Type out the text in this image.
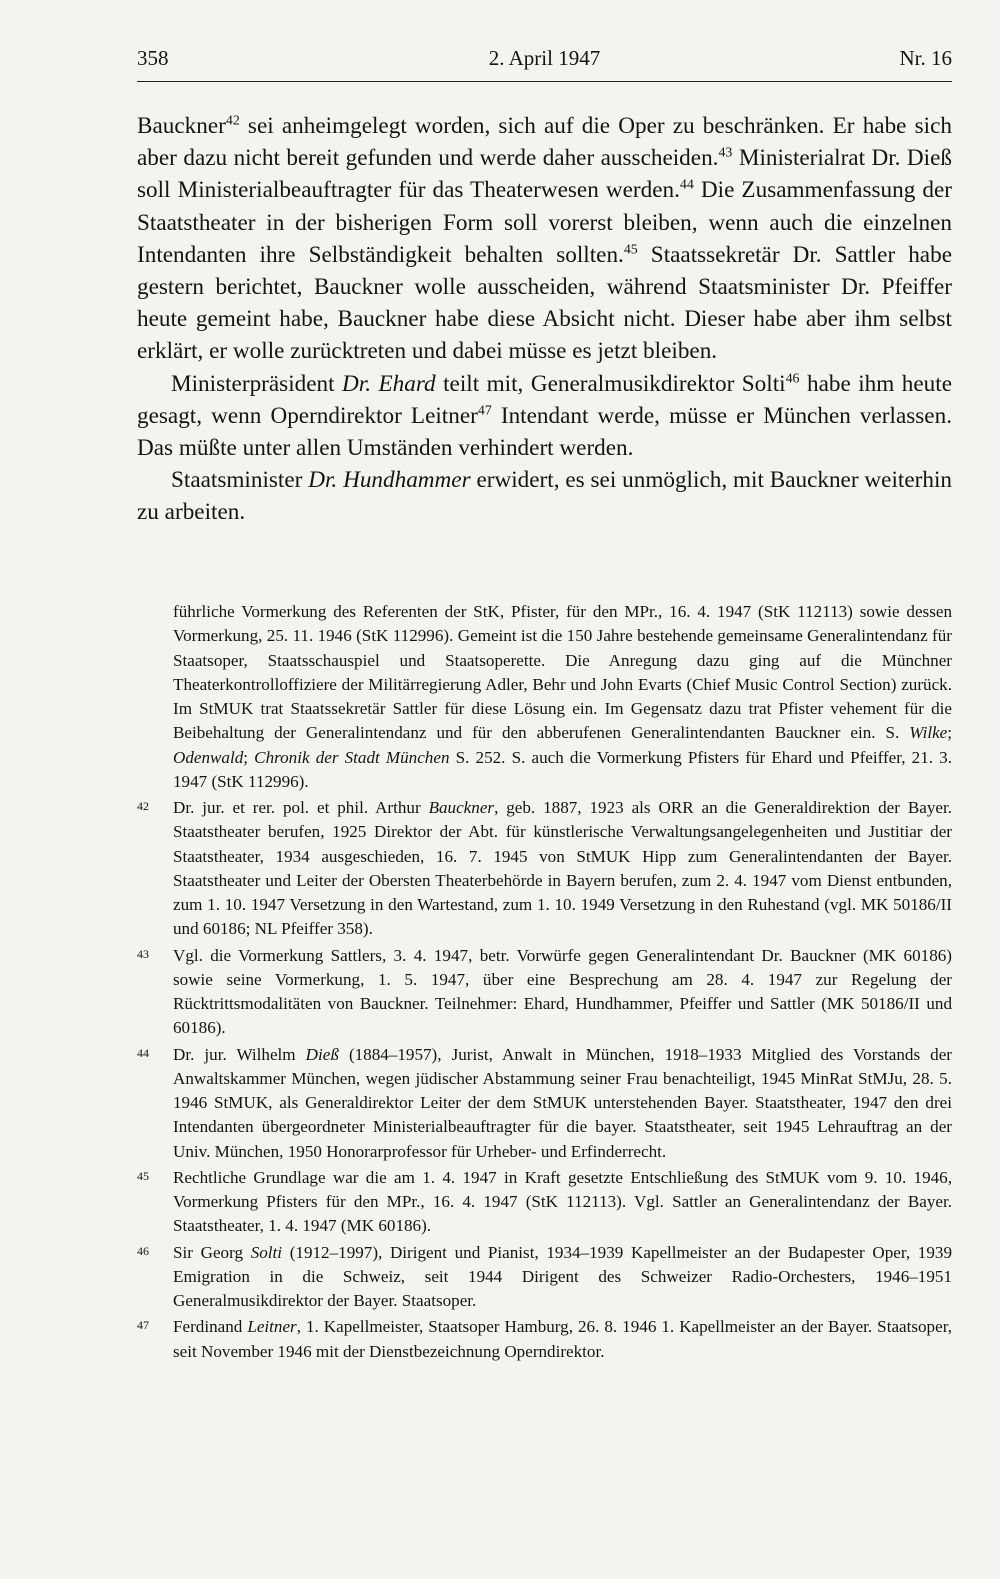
358	2. April 1947	Nr. 16

Bauckner$^{42}$ sei anheimgelegt worden, sich auf die Oper zu beschränken. Er habe sich aber dazu nicht bereit gefunden und werde daher ausscheiden.$^{43}$ Ministerialrat Dr. Dieß soll Ministerialbeauftragter für das Theaterwesen werden.$^{44}$ Die Zusammenfassung der Staatstheater in der bisherigen Form soll vorerst bleiben, wenn auch die einzelnen Intendanten ihre Selbständigkeit behalten sollten.$^{45}$ Staatssekretär Dr. Sattler habe gestern berichtet, Bauckner wolle ausscheiden, während Staatsminister Dr. Pfeiffer heute gemeint habe, Bauckner habe diese Absicht nicht. Dieser habe aber ihm selbst erklärt, er wolle zurücktreten und dabei müsse es jetzt bleiben.

Ministerpräsident Dr. Ehard teilt mit, Generalmusikdirektor Solti$^{46}$ habe ihm heute gesagt, wenn Operndirektor Leitner$^{47}$ Intendant werde, müsse er München verlassen. Das müßte unter allen Umständen verhindert werden.

Staatsminister Dr. Hundhammer erwidert, es sei unmöglich, mit Bauckner weiterhin zu arbeiten.

führliche Vormerkung des Referenten der StK, Pfister, für den MPr., 16. 4. 1947 (StK 112113) sowie dessen Vormerkung, 25. 11. 1946 (StK 112996). Gemeint ist die 150 Jahre bestehende gemeinsame Generalintendanz für Staatsoper, Staatsschauspiel und Staatsoperette. Die Anregung dazu ging auf die Münchner Theaterkontrolloffiziere der Militärregierung Adler, Behr und John Evarts (Chief Music Control Section) zurück. Im StMUK trat Staatssekretär Sattler für diese Lösung ein. Im Gegensatz dazu trat Pfister vehement für die Beibehaltung der Generalintendanz und für den abberufenen Generalintendanten Bauckner ein. S. Wilke; Odenwald; Chronik der Stadt München S. 252. S. auch die Vormerkung Pfisters für Ehard und Pfeiffer, 21. 3. 1947 (StK 112996).
42 Dr. jur. et rer. pol. et phil. Arthur Bauckner, geb. 1887, 1923 als ORR an die Generaldirektion der Bayer. Staatstheater berufen, 1925 Direktor der Abt. für künstlerische Verwaltungsangelegenheiten und Justitiar der Staatstheater, 1934 ausgeschieden, 16. 7. 1945 von StMUK Hipp zum Generalintendanten der Bayer. Staatstheater und Leiter der Obersten Theaterbehörde in Bayern berufen, zum 2. 4. 1947 vom Dienst entbunden, zum 1. 10. 1947 Versetzung in den Wartestand, zum 1. 10. 1949 Versetzung in den Ruhestand (vgl. MK 50186/II und 60186; NL Pfeiffer 358).
43 Vgl. die Vormerkung Sattlers, 3. 4. 1947, betr. Vorwürfe gegen Generalintendant Dr. Bauckner (MK 60186) sowie seine Vormerkung, 1. 5. 1947, über eine Besprechung am 28. 4. 1947 zur Regelung der Rücktrittsmodalitäten von Bauckner. Teilnehmer: Ehard, Hundhammer, Pfeiffer und Sattler (MK 50186/II und 60186).
44 Dr. jur. Wilhelm Dieß (1884–1957), Jurist, Anwalt in München, 1918–1933 Mitglied des Vorstands der Anwaltskammer München, wegen jüdischer Abstammung seiner Frau benachteiligt, 1945 MinRat StMJu, 28. 5. 1946 StMUK, als Generaldirektor Leiter der dem StMUK unterstehenden Bayer. Staatstheater, 1947 den drei Intendanten übergeordneter Ministerialbeauftragter für die bayer. Staatstheater, seit 1945 Lehrauftrag an der Univ. München, 1950 Honorarprofessor für Urheber- und Erfinderrecht.
45 Rechtliche Grundlage war die am 1. 4. 1947 in Kraft gesetzte Entschließung des StMUK vom 9. 10. 1946, Vormerkung Pfisters für den MPr., 16. 4. 1947 (StK 112113). Vgl. Sattler an Generalintendanz der Bayer. Staatstheater, 1. 4. 1947 (MK 60186).
46 Sir Georg Solti (1912–1997), Dirigent und Pianist, 1934–1939 Kapellmeister an der Budapester Oper, 1939 Emigration in die Schweiz, seit 1944 Dirigent des Schweizer Radio-Orchesters, 1946–1951 Generalmusikdirektor der Bayer. Staatsoper.
47 Ferdinand Leitner, 1. Kapellmeister, Staatsoper Hamburg, 26. 8. 1946 1. Kapellmeister an der Bayer. Staatsoper, seit November 1946 mit der Dienstbezeichnung Operndirektor.
